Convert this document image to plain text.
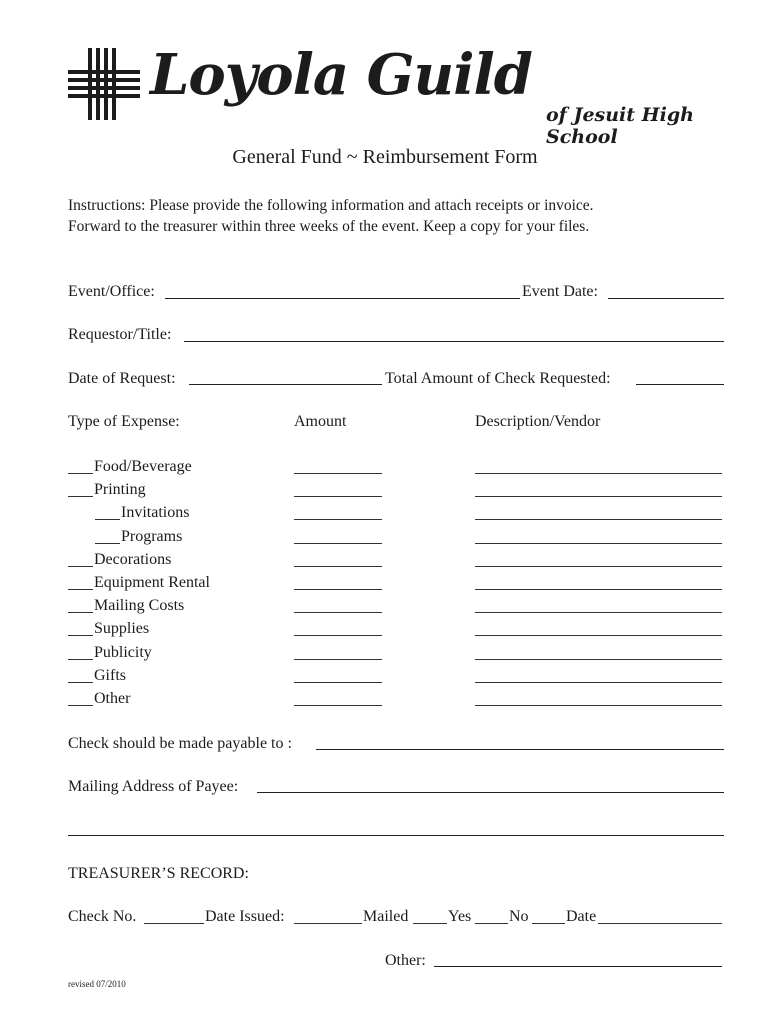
Loyola Guild
of Jesuit High School
General Fund ~ Reimbursement Form
Instructions: Please provide the following information and attach receipts or invoice.
Forward to the treasurer within three weeks of the event. Keep a copy for your files.
Event/Office:	Event Date:
Requestor/Title:
Date of Request:	Total Amount of Check Requested:
Type of Expense:	Amount	Description/Vendor
Food/Beverage
Printing
Invitations
Programs
Decorations
Equipment Rental
Mailing Costs
Supplies
Publicity
Gifts
Other
Check should be made payable to :
Mailing Address of Payee:
TREASURER’S RECORD:
Check No.	Date Issued:	Mailed Yes No Date
Other:
revised 07/2010
